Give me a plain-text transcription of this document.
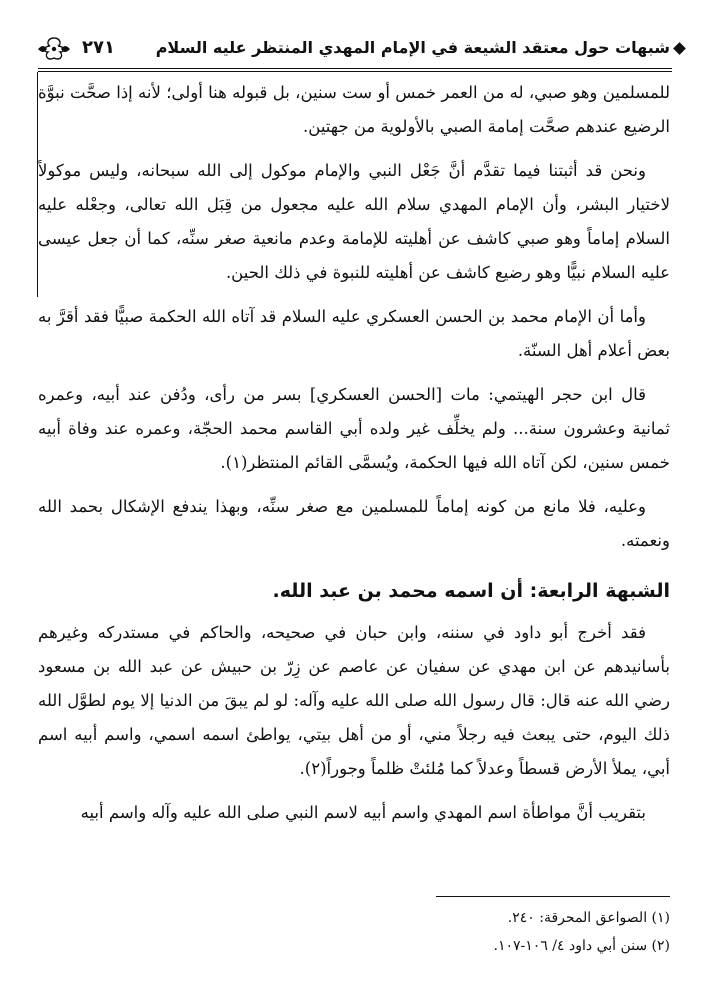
شبهات حول معتقد الشيعة في الإمام المهدي المنتظر عليه السلام
٢٧١

للمسلمين وهو صبي، له من العمر خمس أو ست سنين، بل قبوله هنا أولى؛ لأنه إذا صحَّت نبوَّة الرضيع عندهم صحَّت إمامة الصبي بالأولوية من جهتين.

ونحن قد أثبتنا فيما تقدَّم أنَّ جَعْل النبي والإمام موكول إلى الله سبحانه، وليس موكولاً لاختيار البشر، وأن الإمام المهدي سلام الله عليه مجعول من قِبَل الله تعالى، وجعْله عليه السلام إماماً وهو صبي كاشف عن أهليته للإمامة وعدم مانعية صغر سنِّه، كما أن جعل عيسى عليه السلام نبيًّا وهو رضيع كاشف عن أهليته للنبوة في ذلك الحين.

وأما أن الإمام محمد بن الحسن العسكري عليه السلام قد آتاه الله الحكمة صبيًّا فقد أقرَّ به بعض أعلام أهل السنّة.

قال ابن حجر الهيتمي: مات [الحسن العسكري] بسر من رأى، ودُفن عند أبيه، وعمره ثمانية وعشرون سنة... ولم يخلِّف غير ولده أبي القاسم محمد الحجّة، وعمره عند وفاة أبيه خمس سنين، لكن آتاه الله فيها الحكمة، ويُسمَّى القائم المنتظر(١).

وعليه، فلا مانع من كونه إماماً للمسلمين مع صغر سنِّه، وبهذا يندفع الإشكال بحمد الله ونعمته.

الشبهة الرابعة: أن اسمه محمد بن عبد الله.

فقد أخرج أبو داود في سننه، وابن حبان في صحيحه، والحاكم في مستدركه وغيرهم بأسانيدهم عن ابن مهدي عن سفيان عن عاصم عن زِرّ بن حبيش عن عبد الله بن مسعود رضي الله عنه قال: قال رسول الله صلى الله عليه وآله: لو لم يبقَ من الدنيا إلا يوم لطوَّل الله ذلك اليوم، حتى يبعث فيه رجلاً مني، أو من أهل بيتي، يواطئ اسمه اسمي، واسم أبيه اسم أبي، يملأ الأرض قسطاً وعدلاً كما مُلئتْ ظلماً وجوراً(٢).

بتقريب أنَّ مواطأة اسم المهدي واسم أبيه لاسم النبي صلى الله عليه وآله واسم أبيه

(١) الصواعق المحرقة: ٢٤٠.

(٢) سنن أبي داود ٤/ ١٠٦-١٠٧.
